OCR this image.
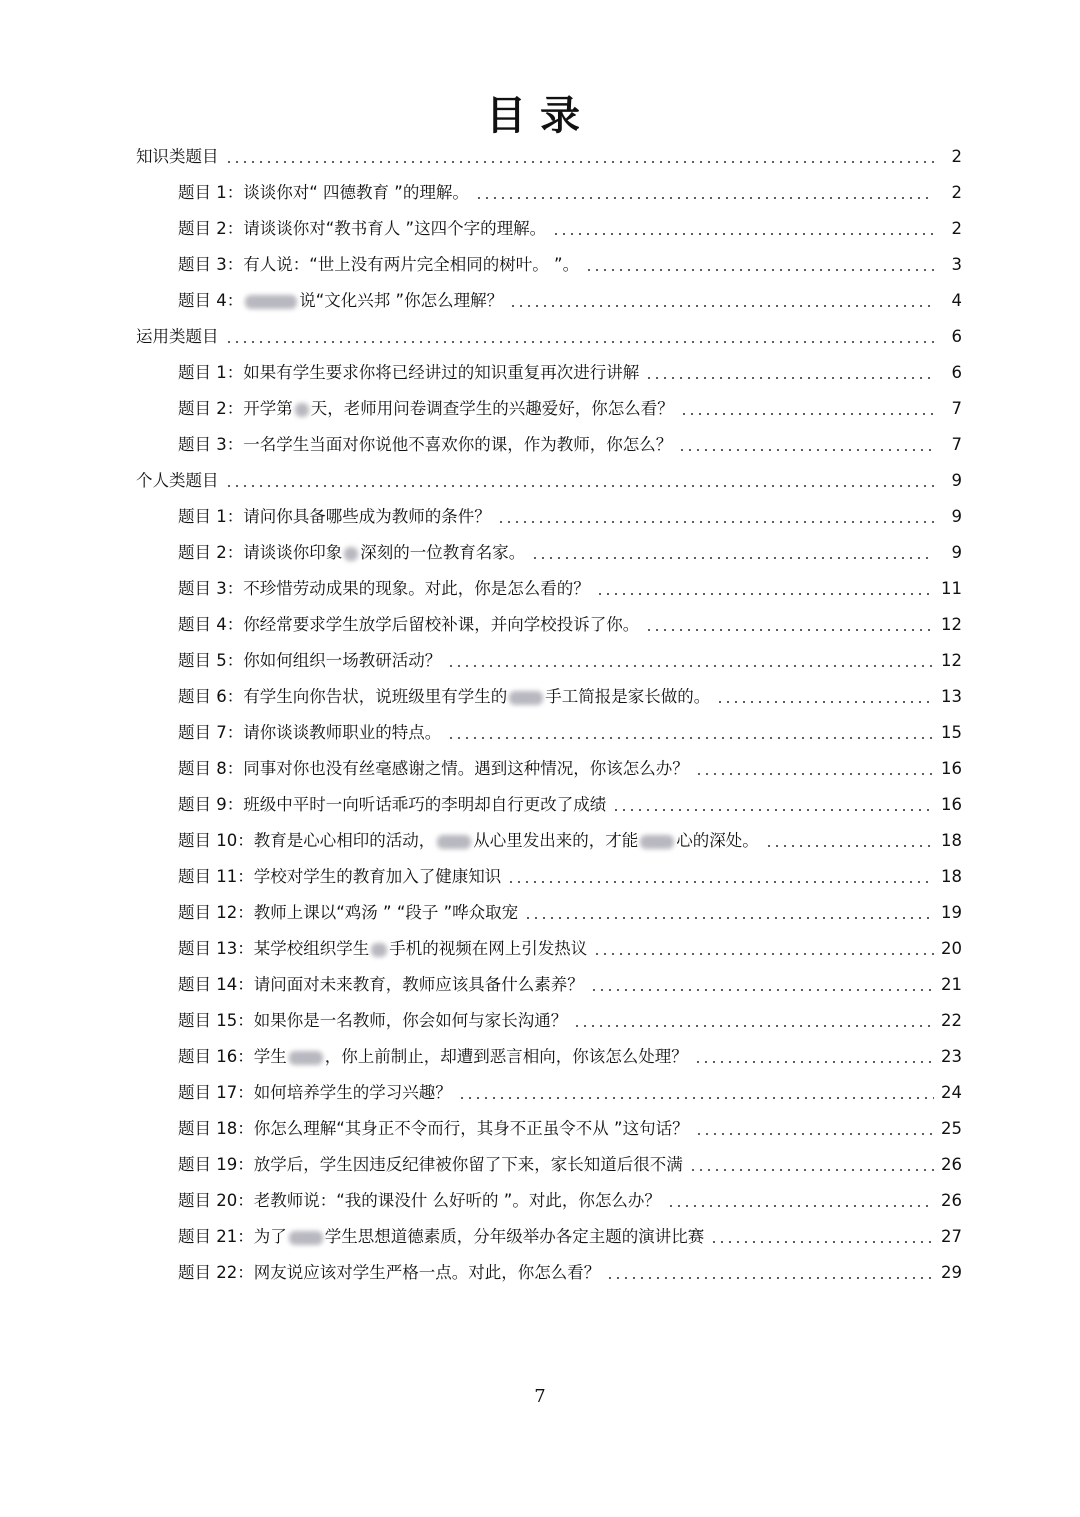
目录
知识类题目	2
题目 1：谈谈你对“ 四德教育 ”的理解。	2
题目 2：请谈谈你对“教书育人 ”这四个字的理解。	2
题目 3：有人说：“世上没有两片完全相同的树叶。 ”。	3
题目 4：	说“文化兴邦 ”你怎么理解？	4
运用类题目	6
题目 1：如果有学生要求你将已经讲过的知识重复再次进行讲解	6
题目 2：开学第 天，老师用问卷调查学生的兴趣爱好，你怎么看？	7
题目 3：一名学生当面对你说他不喜欢你的课，作为教师，你怎么？	7
个人类题目	9
题目 1：请问你具备哪些成为教师的条件？	9
题目 2：请谈谈你印象 深刻的一位教育名家。	9
题目 3：不珍惜劳动成果的现象。对此，你是怎么看的？	11
题目 4：你经常要求学生放学后留校补课，并向学校投诉了你。	12
题目 5：你如何组织一场教研活动？	12
题目 6：有学生向你告状，说班级里有学生的 手工简报是家长做的。	13
题目 7：请你谈谈教师职业的特点。	15
题目 8：同事对你也没有丝毫感谢之情。遇到这种情况，你该怎么办？	16
题目 9：班级中平时一向听话乖巧的李明却自行更改了成绩	16
题目 10：教育是心心相印的活动， 从心里发出来的，才能 心的深处。	18
题目 11：学校对学生的教育加入了健康知识	18
题目 12：教师上课以“鸡汤 ” “段子 ”哗众取宠	19
题目 13：某学校组织学生 手机的视频在网上引发热议	20
题目 14：请问面对未来教育，教师应该具备什么素养？	21
题目 15：如果你是一名教师，你会如何与家长沟通？	22
题目 16：学生 ，你上前制止，却遭到恶言相向，你该怎么处理？	23
题目 17：如何培养学生的学习兴趣？	24
题目 18：你怎么理解“其身正不令而行，其身不正虽令不从 ”这句话？	25
题目 19：放学后，学生因违反纪律被你留了下来，家长知道后很不满	26
题目 20：老教师说：“我的课没什 么好听的 ”。对此，你怎么办？	26
题目 21：为了 学生思想道德素质，分年级举办各定主题的演讲比赛	27
题目 22：网友说应该对学生严格一点。对此，你怎么看？	29
7
